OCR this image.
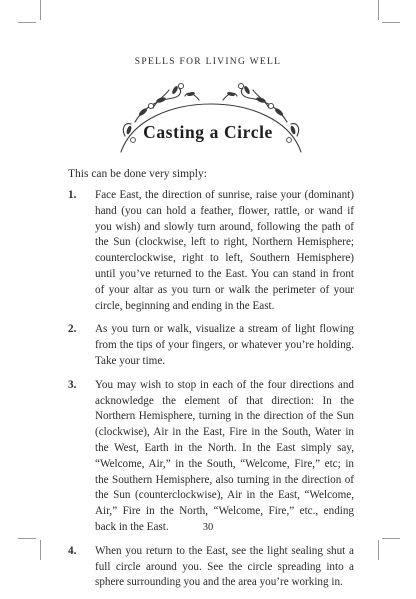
SPELLS FOR LIVING WELL
Casting a Circle
This can be done very simply:
1. Face East, the direction of sunrise, raise your (dominant) hand (you can hold a feather, flower, rattle, or wand if you wish) and slowly turn around, following the path of the Sun (clockwise, left to right, Northern Hemisphere; counterclockwise, right to left, Southern Hemisphere) until you’ve returned to the East. You can stand in front of your altar as you turn or walk the perimeter of your circle, beginning and ending in the East.
2. As you turn or walk, visualize a stream of light flowing from the tips of your fingers, or whatever you’re holding. Take your time.
3. You may wish to stop in each of the four directions and acknowledge the element of that direction: In the Northern Hemisphere, turning in the direction of the Sun (clockwise), Air in the East, Fire in the South, Water in the West, Earth in the North. In the East simply say, “Welcome, Air,” in the South, “Welcome, Fire,” etc; in the Southern Hemisphere, also turning in the direction of the Sun (counterclockwise), Air in the East, “Welcome, Air,” Fire in the North, “Welcome, Fire,” etc., ending back in the East.
4. When you return to the East, see the light sealing shut a full circle around you. See the circle spreading into a sphere surrounding you and the area you’re working in.
30
